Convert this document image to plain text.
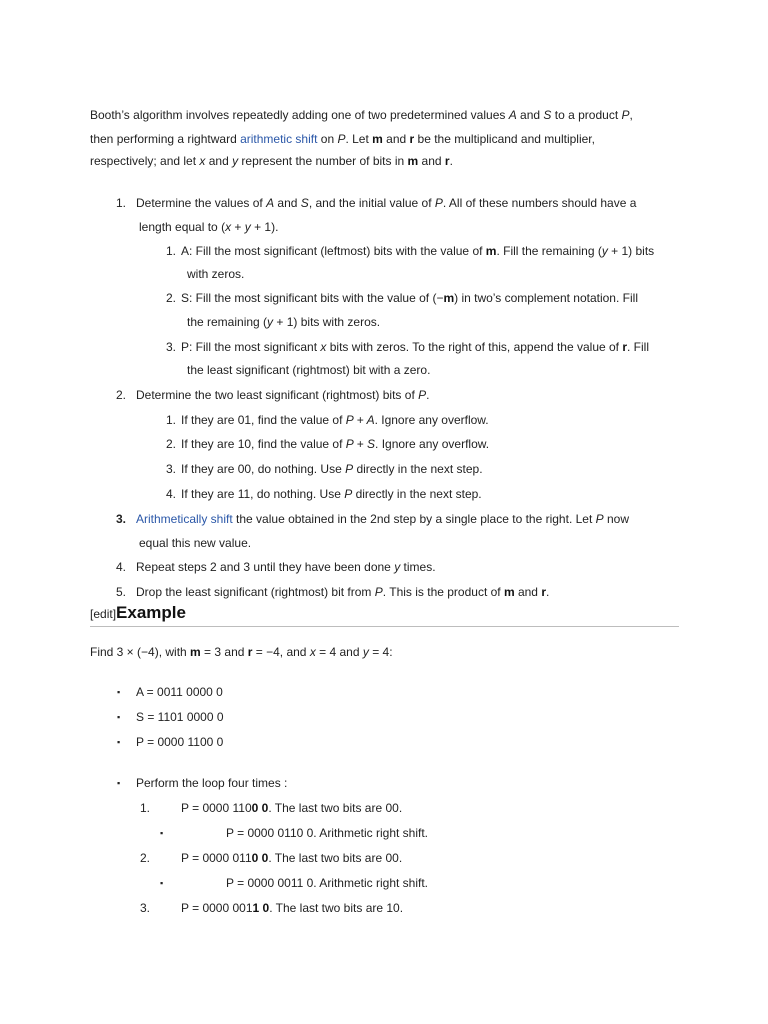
Booth’s algorithm involves repeatedly adding one of two predetermined values A and S to a product P,
then performing a rightward arithmetic shift on P. Let m and r be the multiplicand and multiplier,
respectively; and let x and y represent the number of bits in m and r.
1. Determine the values of A and S, and the initial value of P. All of these numbers should have a
length equal to (x + y + 1).
1. A: Fill the most significant (leftmost) bits with the value of m. Fill the remaining (y + 1) bits
with zeros.
2. S: Fill the most significant bits with the value of (−m) in two’s complement notation. Fill
the remaining (y + 1) bits with zeros.
3. P: Fill the most significant x bits with zeros. To the right of this, append the value of r. Fill
the least significant (rightmost) bit with a zero.
2. Determine the two least significant (rightmost) bits of P.
1. If they are 01, find the value of P + A. Ignore any overflow.
2. If they are 10, find the value of P + S. Ignore any overflow.
3. If they are 00, do nothing. Use P directly in the next step.
4. If they are 11, do nothing. Use P directly in the next step.
3. Arithmetically shift the value obtained in the 2nd step by a single place to the right. Let P now
equal this new value.
4. Repeat steps 2 and 3 until they have been done y times.
5. Drop the least significant (rightmost) bit from P. This is the product of m and r.
[edit]Example
Find 3 × (−4), with m = 3 and r = −4, and x = 4 and y = 4:
▪ A = 0011 0000 0
▪ S = 1101 0000 0
▪ P = 0000 1100 0
▪ Perform the loop four times :
1.	P = 0000 1100 0. The last two bits are 00.
▪	P = 0000 0110 0. Arithmetic right shift.
2.	P = 0000 0110 0. The last two bits are 00.
▪	P = 0000 0011 0. Arithmetic right shift.
3.	P = 0000 0011 0. The last two bits are 10.
